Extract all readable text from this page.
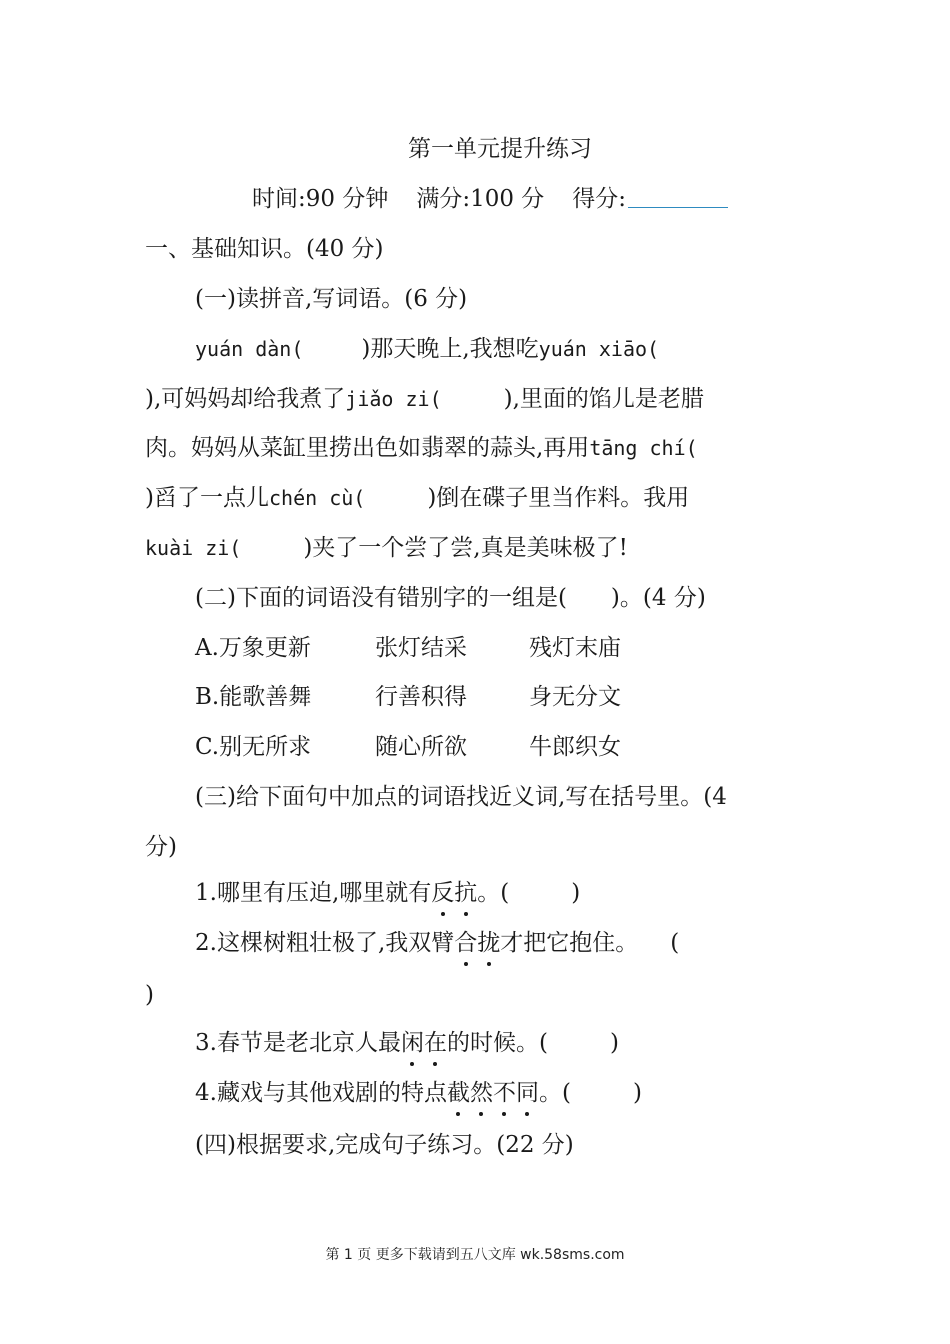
第一单元提升练习
时间:90 分钟 满分:100 分 得分:
一、基础知识。(40 分)
(一)读拼音,写词语。(6 分)
yuán dàn(	)那天晚上,我想吃yuán xiāo(
),可妈妈却给我煮了jiǎo zi(	),里面的馅儿是老腊
肉。妈妈从菜缸里捞出色如翡翠的蒜头,再用tāng chí(
)舀了一点儿chén cù(	)倒在碟子里当作料。我用
kuài zi(	)夹了一个尝了尝,真是美味极了!
(二)下面的词语没有错别字的一组是( )。(4 分)
A.万象更新	张灯结采	残灯末庙
B.能歌善舞	行善积得	身无分文
C.别无所求	随心所欲	牛郎织女
(三)给下面句中加点的词语找近义词,写在括号里。(4
分)
1.哪里有压迫,哪里就有反抗。(	)
2.这棵树粗壮极了,我双臂合拢才把它抱住。 (
)
3.春节是老北京人最闲在的时候。(	)
4.藏戏与其他戏剧的特点截然不同。(	)
(四)根据要求,完成句子练习。(22 分)
第 1 页 更多下载请到五八文库 wk.58sms.com
